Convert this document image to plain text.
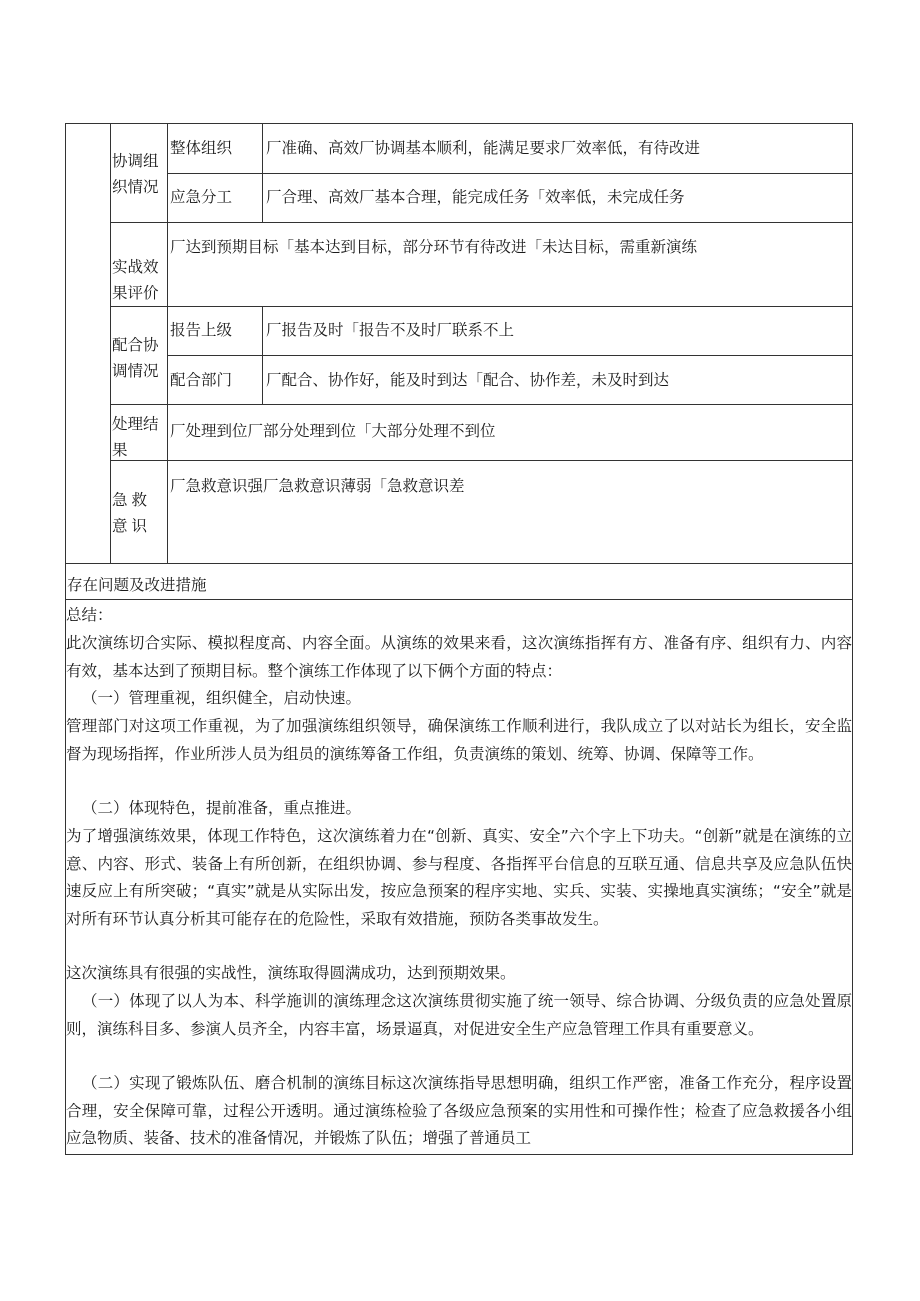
协调组织情况
实战效果评价
配合协调情况
处理结果
急救意识
整体组织
应急分工
报告上级
配合部门
厂准确、高效厂协调基本顺利，能满足要求厂效率低，有待改进
厂合理、高效厂基本合理，能完成任务「效率低，未完成任务
厂达到预期目标「基本达到目标，部分环节有待改进「未达目标，需重新演练
厂报告及时「报告不及时厂联系不上
厂配合、协作好，能及时到达「配合、协作差，未及时到达
厂处理到位厂部分处理到位「大部分处理不到位
厂急救意识强厂急救意识薄弱「急救意识差
存在问题及改进措施
总结：
此次演练切合实际、模拟程度高、内容全面。从演练的效果来看，这次演练指挥有方、准备有序、组织有力、内容有效，基本达到了预期目标。整个演练工作体现了以下俩个方面的特点：
（一）管理重视，组织健全，启动快速。
管理部门对这项工作重视，为了加强演练组织领导，确保演练工作顺利进行，我队成立了以对站长为组长，安全监督为现场指挥，作业所涉人员为组员的演练筹备工作组，负责演练的策划、统筹、协调、保障等工作。
（二）体现特色，提前准备，重点推进。
为了增强演练效果，体现工作特色，这次演练着力在“创新、真实、安全”六个字上下功夫。“创新”就是在演练的立意、内容、形式、装备上有所创新，在组织协调、参与程度、各指挥平台信息的互联互通、信息共享及应急队伍快速反应上有所突破；“真实”就是从实际出发，按应急预案的程序实地、实兵、实装、实操地真实演练；“安全”就是对所有环节认真分析其可能存在的危险性，采取有效措施，预防各类事故发生。
这次演练具有很强的实战性，演练取得圆满成功，达到预期效果。
（一）体现了以人为本、科学施训的演练理念这次演练贯彻实施了统一领导、综合协调、分级负责的应急处置原则，演练科目多、参演人员齐全，内容丰富，场景逼真，对促进安全生产应急管理工作具有重要意义。
（二）实现了锻炼队伍、磨合机制的演练目标这次演练指导思想明确，组织工作严密，准备工作充分，程序设置合理，安全保障可靠，过程公开透明。通过演练检验了各级应急预案的实用性和可操作性；检查了应急救援各小组应急物质、装备、技术的准备情况，并锻炼了队伍；增强了普通员工
